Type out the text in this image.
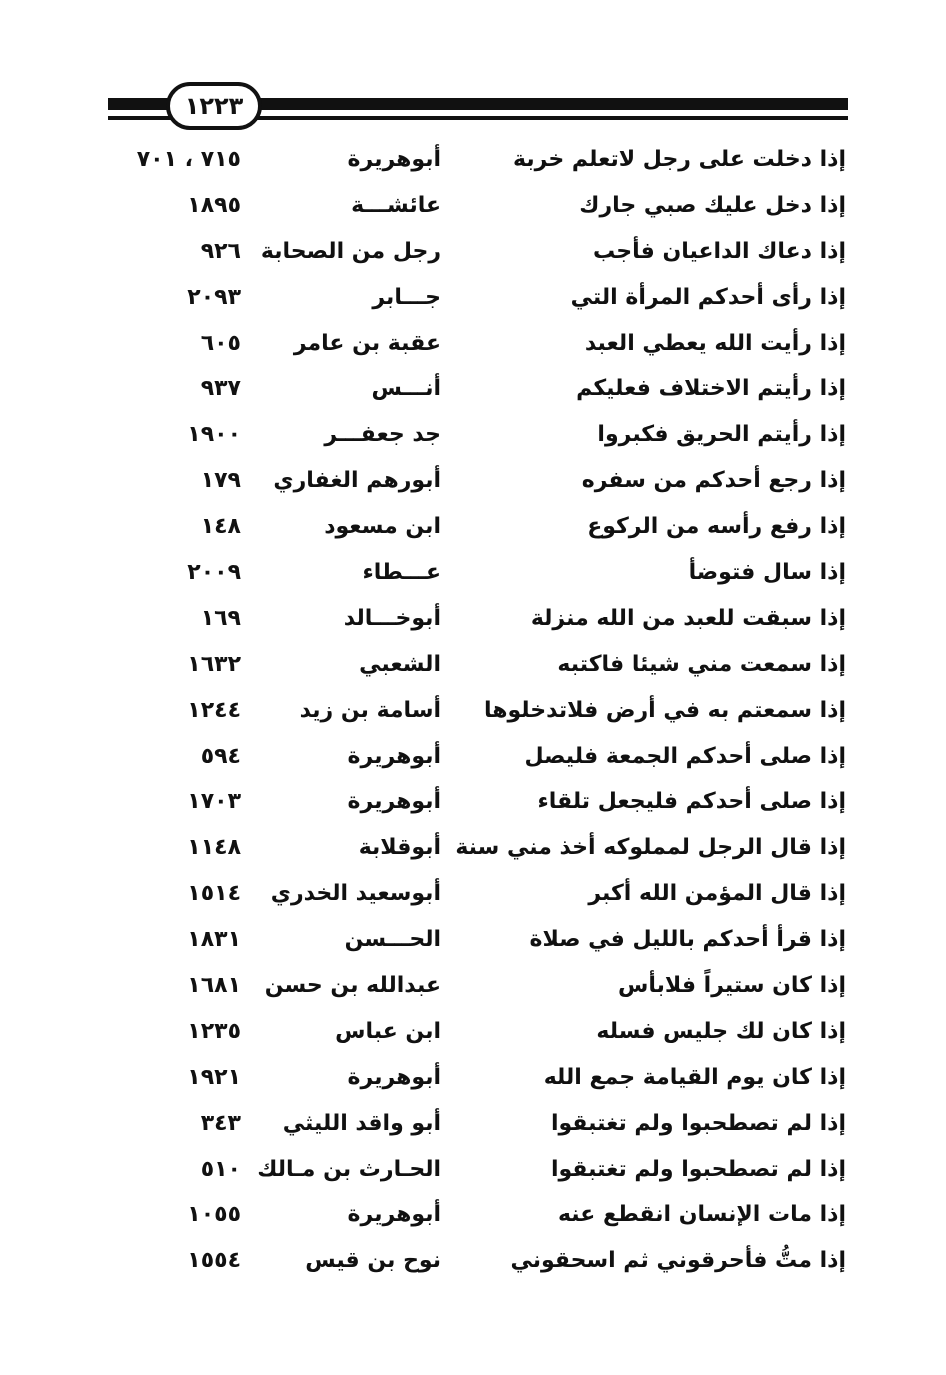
١٢٢٣
إذا دخلت على رجل لاتعلم خربة
أبوهريرة
٧١٥ ، ٧٠١
إذا دخل عليك صبي جارك
عائشـــة
١٨٩٥
إذا دعاك الداعيان فأجب
رجل من الصحابة
٩٢٦
إذا رأى أحدكم المرأة التي
جـــابر
٢٠٩٣
إذا رأيت الله يعطي العبد
عقبة بن عامر
٦٠٥
إذا رأيتم الاختلاف فعليكم
أنـــس
٩٣٧
إذا رأيتم الحريق فكبروا
جد جعفـــر
١٩٠٠
إذا رجع أحدكم من سفره
أبورهم الغفاري
١٧٩
إذا رفع رأسه من الركوع
ابن مسعود
١٤٨
إذا سال فتوضأ
عـــطاء
٢٠٠٩
إذا سبقت للعبد من الله منزلة
أبوخـــالد
١٦٩
إذا سمعت مني شيئا فاكتبه
الشعبي
١٦٣٢
إذا سمعتم به في أرض فلاتدخلوها
أسامة بن زيد
١٢٤٤
إذا صلى أحدكم الجمعة فليصل
أبوهريرة
٥٩٤
إذا صلى أحدكم فليجعل تلقاء
أبوهريرة
١٧٠٣
إذا قال الرجل لمملوكه أخذ مني سنة
أبوقلابة
١١٤٨
إذا قال المؤمن الله أكبر
أبوسعيد الخدري
١٥١٤
إذا قرأ أحدكم بالليل في صلاة
الحـــسن
١٨٣١
إذا كان ستيراً فلابأس
عبدالله بن حسن
١٦٨١
إذا كان لك جليس فسله
ابن عباس
١٢٣٥
إذا كان يوم القيامة جمع الله
أبوهريرة
١٩٢١
إذا لم تصطحبوا ولم تغتبقوا
أبو واقد الليثي
٣٤٣
إذا لم تصطحبوا ولم تغتبقوا
الحـارث بن مـالك
٥١٠
إذا مات الإنسان انقطع عنه
أبوهريرة
١٠٥٥
إذا متُّ فأحرقوني ثم اسحقوني
نوح بن قيس
١٥٥٤
